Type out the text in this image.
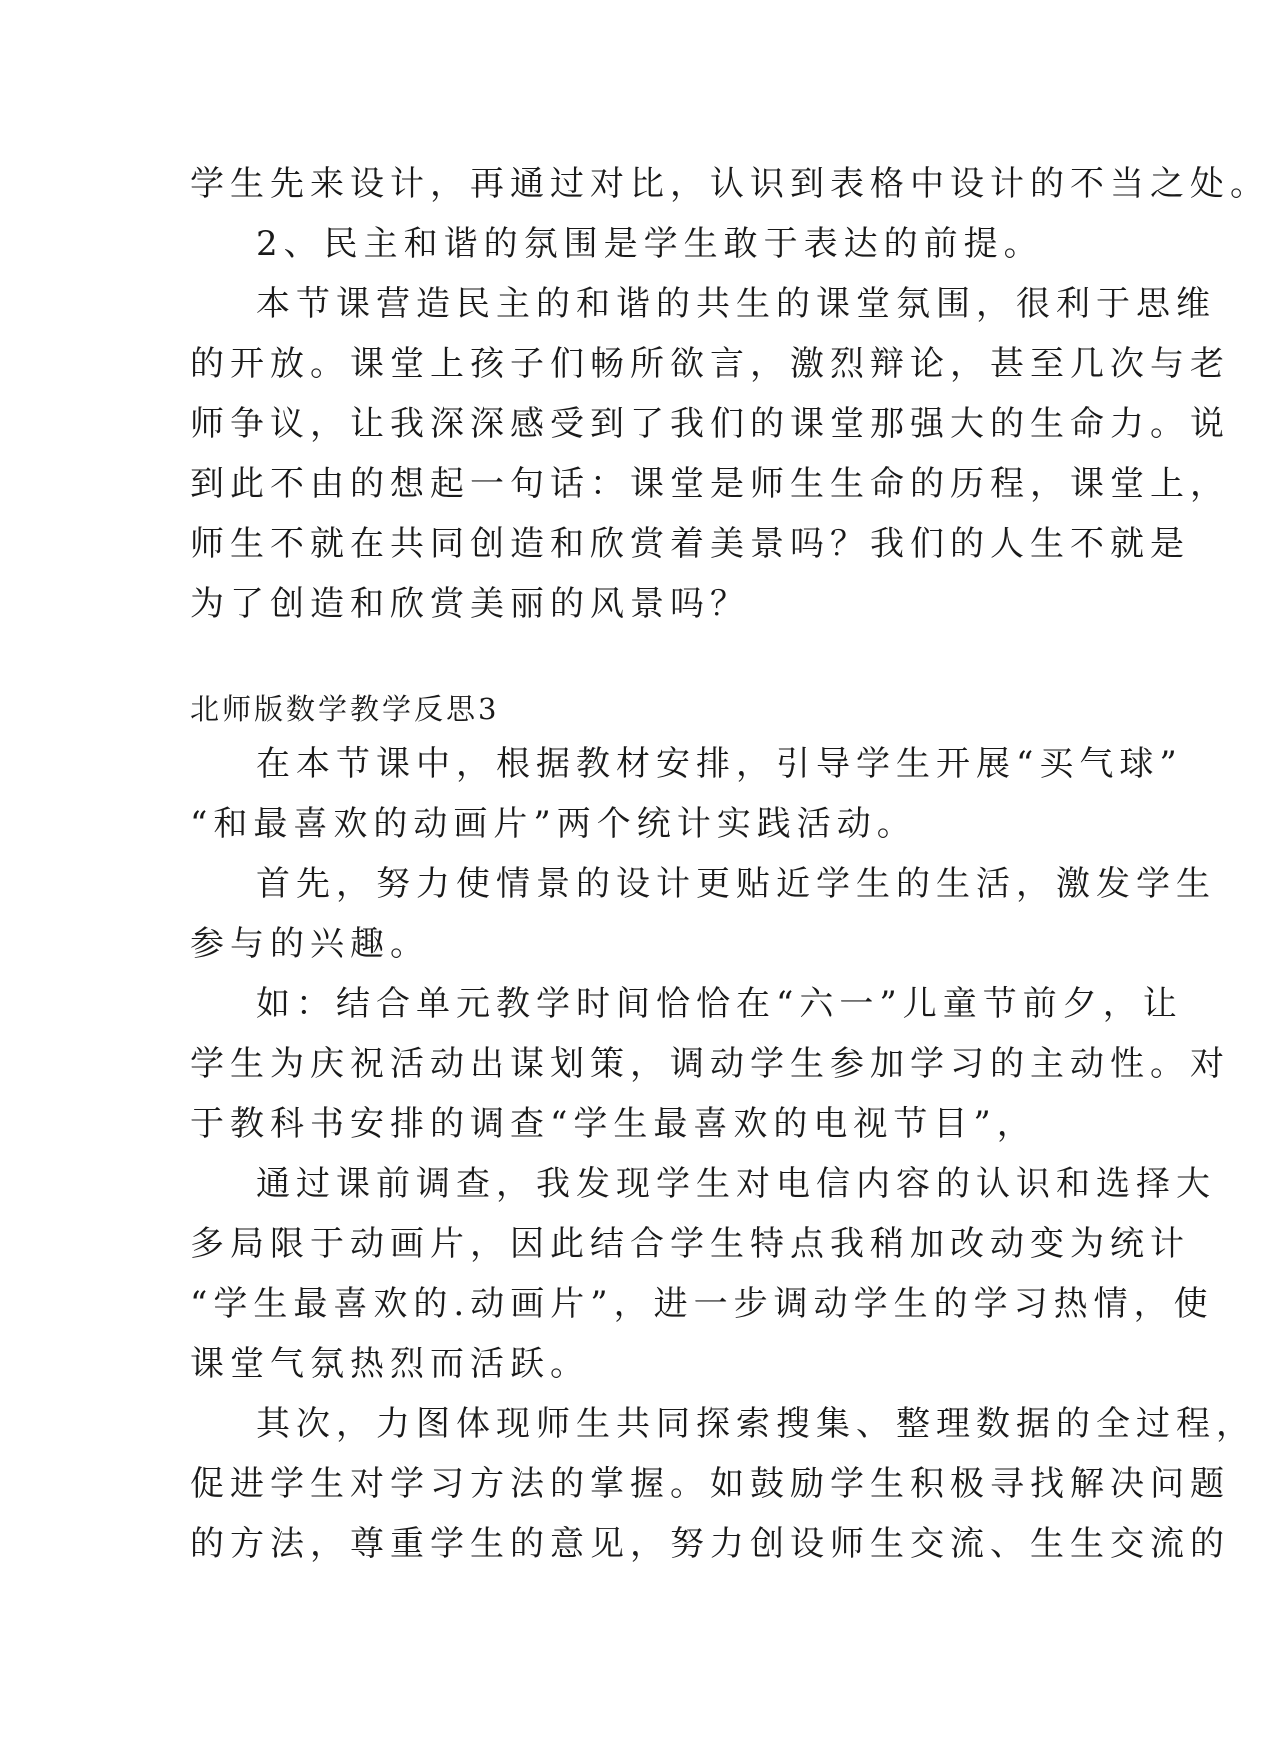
学生先来设计，再通过对比，认识到表格中设计的不当之处。
2、民主和谐的氛围是学生敢于表达的前提。
本节课营造民主的和谐的共生的课堂氛围，很利于思维
的开放。课堂上孩子们畅所欲言，激烈辩论，甚至几次与老
师争议，让我深深感受到了我们的课堂那强大的生命力。说
到此不由的想起一句话：课堂是师生生命的历程，课堂上，
师生不就在共同创造和欣赏着美景吗？我们的人生不就是
为了创造和欣赏美丽的风景吗？
北师版数学教学反思3
在本节课中，根据教材安排，引导学生开展“买气球”
“和最喜欢的动画片”两个统计实践活动。
首先，努力使情景的设计更贴近学生的生活，激发学生
参与的兴趣。
如：结合单元教学时间恰恰在“六一”儿童节前夕，让
学生为庆祝活动出谋划策，调动学生参加学习的主动性。对
于教科书安排的调查“学生最喜欢的电视节目”，
通过课前调查，我发现学生对电信内容的认识和选择大
多局限于动画片，因此结合学生特点我稍加改动变为统计
“学生最喜欢的.动画片”，进一步调动学生的学习热情，使
课堂气氛热烈而活跃。
其次，力图体现师生共同探索搜集、整理数据的全过程，
促进学生对学习方法的掌握。如鼓励学生积极寻找解决问题
的方法，尊重学生的意见，努力创设师生交流、生生交流的
